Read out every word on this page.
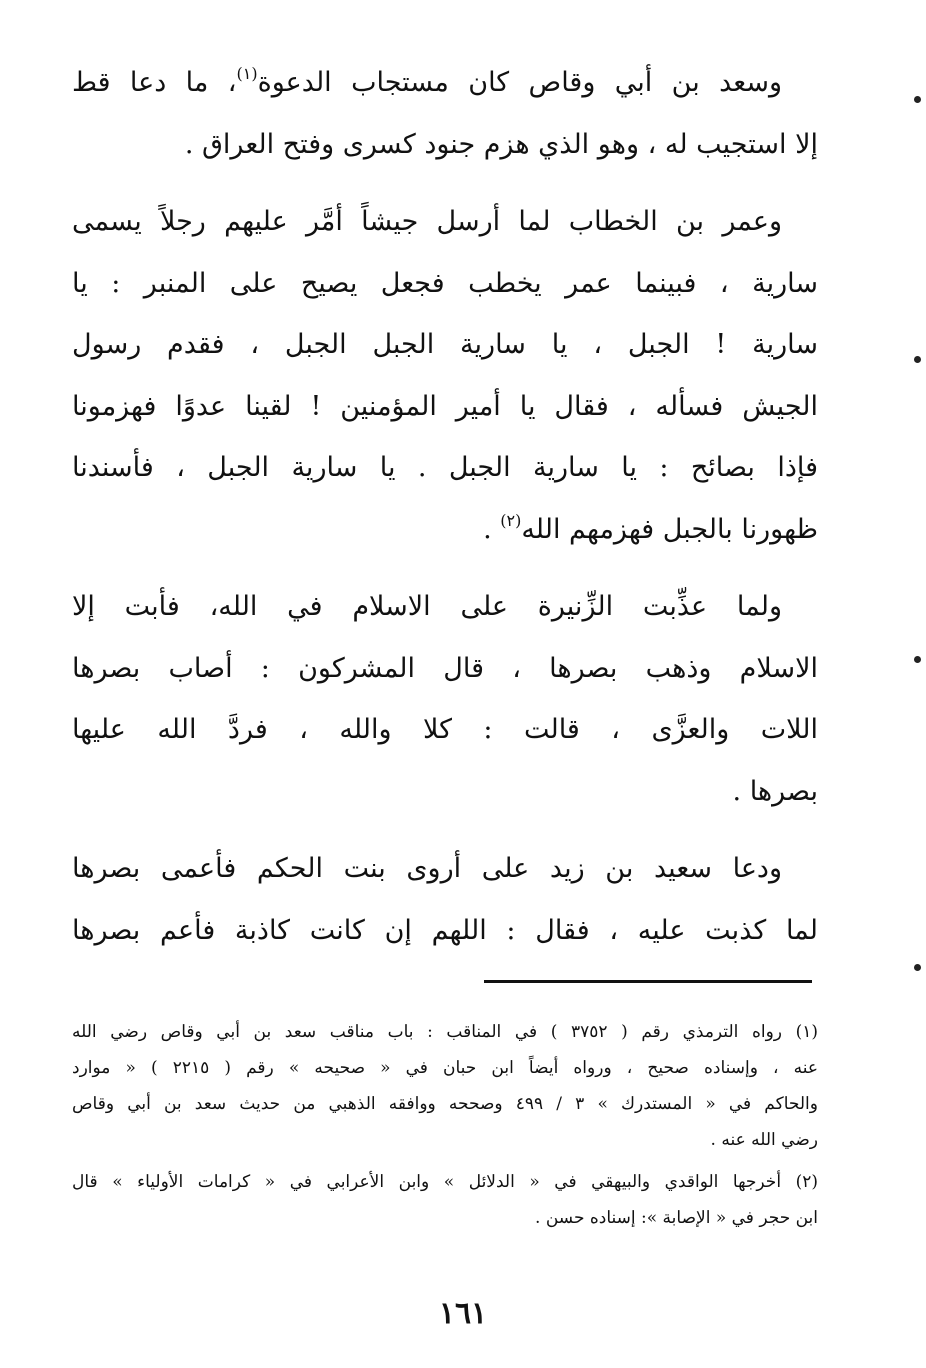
وسعد بن أبي وقاص كان مستجاب الدعوة$^{(١)}$، ما دعا قط
إلا استجيب له ، وهو الذي هزم جنود كسرى وفتح العراق .

وعمر بن الخطاب لما أرسل جيشاً أمَّر عليهم رجلاً يسمى
سارية ، فبينما عمر يخطب فجعل يصيح على المنبر : يا
سارية ! الجبل ، يا سارية الجبل الجبل ، فقدم رسول
الجيش فسأله ، فقال يا أمير المؤمنين ! لقينا عدوًا فهزمونا
فإذا بصائح : يا سارية الجبل . يا سارية الجبل ، فأسندنا
ظهورنا بالجبل فهزمهم الله$^{(٢)}$ .

ولما عذِّبت الزِّنيرة على الاسلام في الله، فأبت إلا
الاسلام وذهب بصرها ، قال المشركون : أصاب بصرها
اللات والعزَّى ، قالت : كلا والله ، فردَّ الله عليها
بصرها .

ودعا سعيد بن زيد على أروى بنت الحكم فأعمى بصرها
لما كذبت عليه ، فقال : اللهم إن كانت كاذبة فأعم بصرها

(١) رواه الترمذي رقم ( ٣٧٥٢ ) في المناقب : باب مناقب سعد بن أبي وقاص رضي الله
عنه ، وإسناده صحيح ، ورواه أيضاً ابن حبان في « صحيحه » رقم ( ٢٢١٥ ) « موارد
والحاكم في « المستدرك » ٣ / ٤٩٩ وصححه ووافقه الذهبي من حديث سعد بن أبي وقاص
رضي الله عنه .
(٢) أخرجها الواقدي والبيهقي في « الدلائل » وابن الأعرابي في « كرامات الأولياء » قال
ابن حجر في « الإصابة »: إسناده حسن .
١٦١
